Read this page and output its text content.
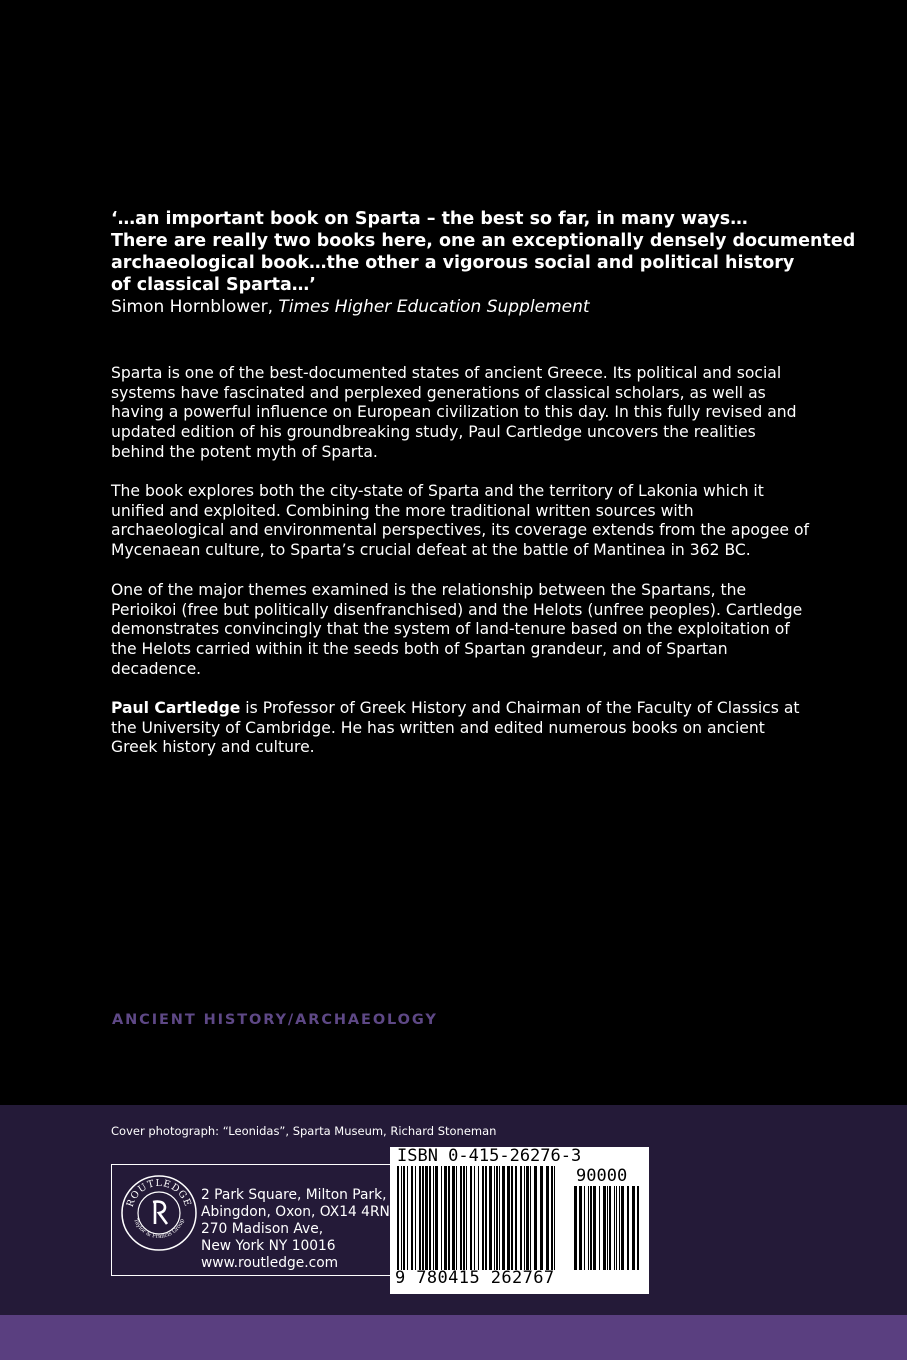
‘…an important book on Sparta – the best so far, in many ways…

There are really two books here, one an exceptionally densely documented

archaeological book…the other a vigorous social and political history

of classical Sparta…’

Simon Hornblower, Times Higher Education Supplement

Sparta is one of the best-documented states of ancient Greece. Its political and social systems have fascinated and perplexed generations of classical scholars, as well as having a powerful influence on European civilization to this day. In this fully revised and updated edition of his groundbreaking study, Paul Cartledge uncovers the realities behind the potent myth of Sparta.
The book explores both the city-state of Sparta and the territory of Lakonia which it unified and exploited. Combining the more traditional written sources with archaeological and environmental perspectives, its coverage extends from the apogee of Mycenaean culture, to Sparta’s crucial defeat at the battle of Mantinea in 362 BC.
One of the major themes examined is the relationship between the Spartans, the Perioikoi (free but politically disenfranchised) and the Helots (unfree peoples). Cartledge demonstrates convincingly that the system of land-tenure based on the exploitation of the Helots carried within it the seeds both of Spartan grandeur, and of Spartan decadence.
Paul Cartledge is Professor of Greek History and Chairman of the Faculty of Classics at the University of Cambridge. He has written and edited numerous books on ancient Greek history and culture.
ANCIENT HISTORY/ARCHAEOLOGY
Cover photograph: “Leonidas”, Sparta Museum, Richard Stoneman
ROUTLEDGE
Taylor & Francis Group
2 Park Square, Milton Park,
Abingdon, Oxon, OX14 4RN
270 Madison Ave,
New York NY 10016
www.routledge.com
ISBN 0-415-26276-3
90000
9 780415 262767
